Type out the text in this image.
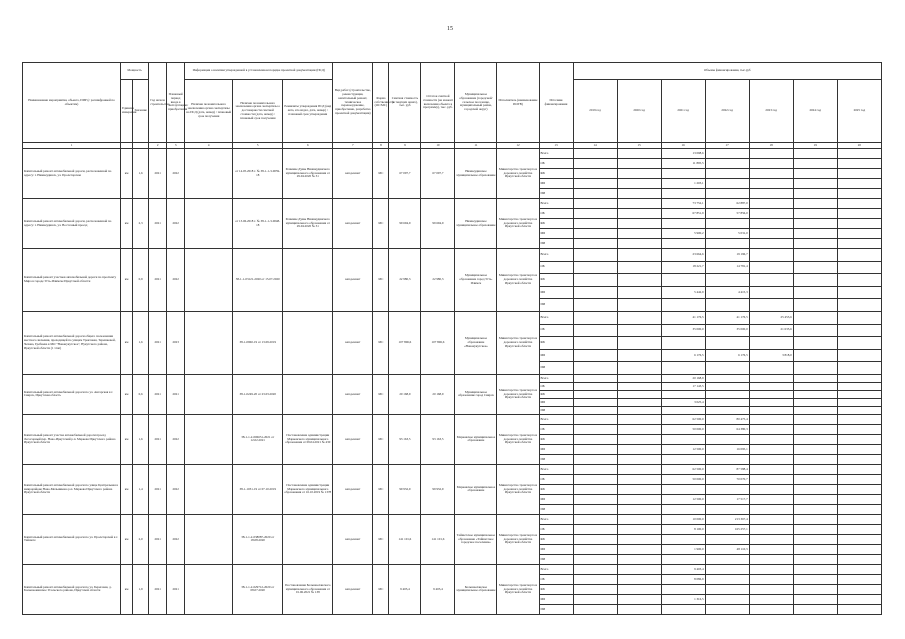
15
Наименование мероприятия, объекта, ПИР (с расшифровкой по объектам)	Мощность		Год начала строительства	Плановый период ввода в эксплуатацию/приобретения	Информация о наличии утвержденной в установленном порядке проектной документации (ПСД)			Вид работ (строительство, реконструкция, капитальный ремонт, техническое перевооружение, приобретение, разработка проектной документации)	Форма собственности (ОС/МС)	Сметная стоимость (в текущих ценах), тыс. руб	Остаток сметной стоимости (на момент включения объекта в программу), тыс. руб.	Муниципальное образование (городской/сельское поселение, муниципальный район, городской округ)	Исполнитель (наименование ИОГВ)	Источник финансирования	Объемы финансирования, тыс.руб						
	Единица измерения	Значение			Наличие положительного заключения органа экспертизы на ПСД (дата, номер) / плановый срок получения	Наличие положительного заключения органа экспертизы о достоверности сметной стоимости (дата, номер) / плановый срок получения	Реквизиты утверждения ПСД (вид акта, кто издал, дата, номер) / плановый срок утверждения								2019 год	2020 год	2021 год	2022 год	2023 год	2024 год	2025 год
1			2	3	4	5	6	7	8	9	10	11	12	13	14	15	16	17	18	19	20
Капитальный ремонт автомобильной дороги, расположенной по адресу: г. Нижнеудинск, ул. Пролетарская	км	1,6	2021	2022		от 14.05.2018 г. № 38-1-1-3-0059-18	Решение Думы Нижнеудинского муниципального образования от 29.04.2020 № 31	кап.ремонт	МС	67 097,7	67 097,7	Нижнеудинское муниципальное образование	Министерство транспорта и дорожного хозяйства Иркутской области	Всего			13 098,6				
														ОБ			11 895,5				
														ФБ							
														МБ			1 203,1				
														ИИ							
Капитальный ремонт автомобильной дороги, расположенной по адресу: г. Нижнеудинск, ул. Восточный проезд	км	2,3	2021	2022		от 13.06.2018 г. № 38-1-1-3-0048-18	Решение Думы Нижнеудинского муниципального образования от 29.04.2020 № 31	кап.ремонт	МС	99 694,9	99 694,9	Нижнеудинское муниципальное образование	Министерство транспорта и дорожного хозяйства Иркутской области	Всего			73 752,1	62 887,0			
														ОБ			67 851,9	57 856,0			
														ФБ							
														МБ			5 900,2	5 031,0			
														ИИ							
Капитальный ремонт участков автомобильной дороги по проспекту Мира в городе Усть-Илимске Иркутской области	км	0,9	2021	2022		38-1-1-03121-2020 от 15.07.2020		кап.ремонт	МС	22 980,3	22 980,3	Муниципальное образование город Усть-Илимск	Министерство транспорта и дорожного хозяйства Иркутской области	Всего			23 664,6	19 196,7			
														ОБ			18 221,7	14 781,4			
														ФБ							
														МБ			5 442,9	4 415,3			
														ИИ							
Капитальный ремонт автомобильной дороги общего пользования местного значения, проходящей по улицам Трактовая, Терешковой, Чехова, Гребнева в МО "Новонукутское", Нукутского района, Иркутской области (1 этап)	км	1,6	2021	2023		38-1-0960-19 от 13.09.2019		кап.ремонт	МС	107 806,6	107 806,6	Муниципальное образование «Новонукутское»	Министерство транспорта и дорожного хозяйства Иркутской области	Всего			41 176,5	41 176,5	25 453,6		
														ОБ			35 000,0	35 000,0	21 635,6		
														ФБ							
														МБ			6 176,5	6 176,5	3 818,0		
														ИИ							
Капитальный ремонт автомобильной дороги по ул. Ангарская в г. Свирск, Иркутская область	км	0,6	2021	2021		38-1-0249-20 от 23.03.2020		кап.ремонт	МС	20 168,9	20 168,9	Муниципальное образование город Свирск	Министерство транспорта и дорожного хозяйства Иркутской области	Всего			20 168,9				
														ОБ			17 143,5				
														ФБ							
														МБ			3 025,4				
														ИИ							
Капитальный ремонт участка автомобильной дороги проезд Лесогорный пер. Ново-Иркутский р.п. Маркова Иркутского района Иркутской области	км	1,6	2021	2022		38-1-1-2-006651-2021 от 12.02.2021	Постановление администрации Марковского муниципального образования от 09.04.2021 № 430	кап.ремонт	МС	93 163,5	93 163,5	Марковское муниципальное образование	Министерство транспорта и дорожного хозяйства Иркутской области	Всего			62 500,0	80 475,4			
														ОБ			50 000,0	64 380,3			
														ФБ							
														МБ			12 500,0	16 095,1			
														ИИ							
Капитальный ремонт автомобильной дороги по улице Центральная в микрорайоне Ново-Мельниково р.п. Маркова Иркутского района Иркутской области	км	1,4	2021	2022		38-1-1031-19 от 07.10.2019	Постановление администрации Марковского муниципального образования от 16.10.2019 № 1378	кап.ремонт	МС	99 932,9	99 932,9	Марковское муниципальное образование	Министерство транспорта и дорожного хозяйства Иркутской области	Всего			62 500,0	87 588,4			
														ОБ			50 000,0	70 070,7			
														ФБ							
														МБ			12 500,0	17 517,7			
														ИИ							
Капитальный ремонт автомобильной дороги по ул. Пролетарской в г. Тайшете	км	2,0	2021	2022		38-1-1-2-038087-2020 от 18.08.2020		кап.ремонт	МС	141 101,6	141 101,6	Тайшетское муниципальное образование «Тайшетское городское поселение»	Министерство транспорта и дорожного хозяйства Иркутской области	Всего			10 000,0	213 367,4			
														ОБ			8 100,0	165 257,1			
														ФБ							
														МБ			1 900,0	48 110,3			
														ИИ							
Капитальный ремонт автомобильной дороги по ул. Береговая, д. Большеокинское Усольского района, Иркутской области	км	1,9	2021	2021		38-1-1-2-029712-2020 от 08.07.2020	Постановление Большееланского муниципального образования от 01.06.2021 № 138	кап.ремонт	МС	9 403,4	9 403,4	Большееланское муниципальное образование	Министерство транспорта и дорожного хозяйства Иркутской области	Всего			9 403,4				
														ОБ			8 086,9				
														ФБ							
														МБ			1 316,5				
														ИИ							
